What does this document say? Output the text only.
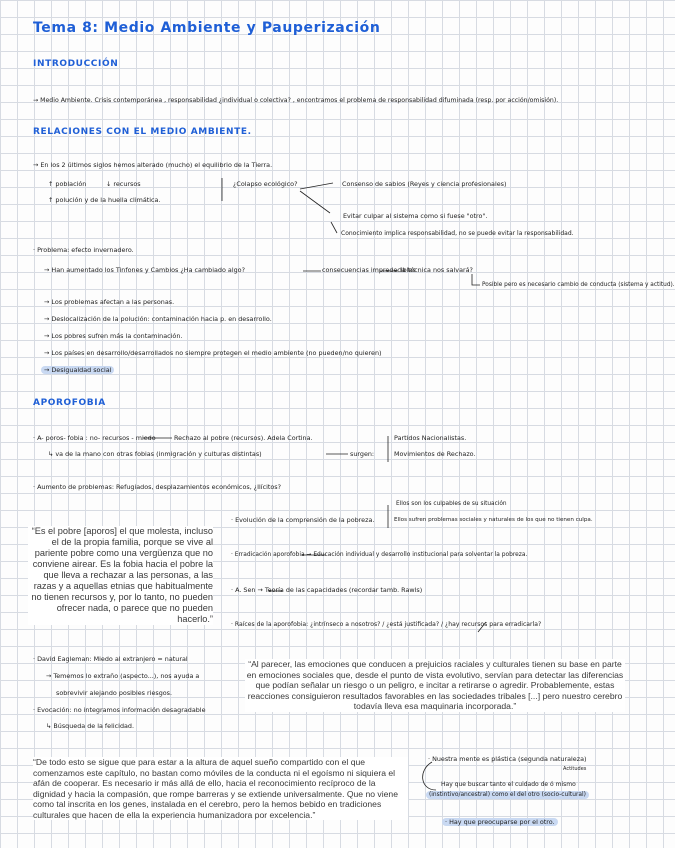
Tema 8: Medio Ambiente y Pauperización
INTRODUCCIÓN
→ Medio Ambiente. Crisis contemporánea , responsabilidad ¿individual o colectiva? , encontramos el problema de responsabilidad difuminada (resp. por acción/omisión).
RELACIONES CON EL MEDIO AMBIENTE.
→ En los 2 últimos siglos hemos alterado (mucho) el equilibrio de la Tierra.
↑ población	↓ recursos
↑ polución y de la huella climática.
¿Colapso ecológico?	Consenso de sabios (Reyes y ciencia profesionales)
Evitar culpar al sistema como si fuese "otro".
Conocimiento implica responsabilidad, no se puede evitar la responsabilidad.
· Problema: efecto invernadero.
→ Han aumentado los Tinfones y Cambios ¿Ha cambiado algo?	consecuencias impredecibles
la técnica nos salvará?
Posible pero es necesario cambio de conducta (sistema y actitud).
→ Los problemas afectan a las personas.
→ Deslocalización de la polución: contaminación hacia p. en desarrollo.
→ Los pobres sufren más la contaminación.
→ Los países en desarrollo/desarrollados no siempre protegen el medio ambiente (no pueden/no quieren)
→ Desigualdad social
APOROFOBIA
· A- poros- fobia : no- recursos - miedo	Rechazo al pobre (recursos). Adela Cortina.
↳ va de la mano con otras fobias (inmigración y culturas distintas)	surgen:
Partidos Nacionalistas.
Movimientos de Rechazo.
· Aumento de problemas: Refugiados, desplazamientos económicos, ¿Ilícitos?
Ellos son los culpables de su situación
Ellos sufren problemas sociales y naturales de los que no tienen culpa.
· Evolución de la comprensión de la pobreza.
· Erradicación aporofobia → Educación individual y desarrollo institucional para solventar la pobreza.
· A. Sen → Teoría de las capacidades (recordar tamb. Rawls)
· Raíces de la aporofobia: ¿intrínseco a nosotros? / ¿está justificada? / ¿hay recursos para erradicarla?
“Es el pobre [aporos] el que molesta, incluso el de la propia familia, porque se vive al pariente pobre como una vergüenza que no conviene airear. Es la fobia hacia el pobre la que lleva a rechazar a las personas, a las razas y a aquellas etnias que habitualmente no tienen recursos y, por lo tanto, no pueden ofrecer nada, o parece que no pueden hacerlo.”
· David Eagleman: Miedo al extranjero = natural
→ Tememos lo extraño (aspecto...), nos ayuda a
sobrevivir alejando posibles riesgos.
· Evocación: no integramos información desagradable
↳ Búsqueda de la felicidad.
“Al parecer, las emociones que conducen a prejuicios raciales y culturales tienen su base en parte en emociones sociales que, desde el punto de vista evolutivo, servían para detectar las diferencias que podían señalar un riesgo o un peligro, e incitar a retirarse o agredir. Probablemente, estas reacciones consiguieron resultados favorables en las sociedades tribales [...] pero nuestro cerebro todavía lleva esa maquinaria incorporada.”
“De todo esto se sigue que para estar a la altura de aquel sueño compartido con el que comenzamos este capítulo, no bastan como móviles de la conducta ni el egoísmo ni siquiera el afán de cooperar. Es necesario ir más allá de ello, hacia el reconocimiento recíproco de la dignidad y hacia la compasión, que rompe barreras y se extiende universalmente. Que no viene como tal inscrita en los genes, instalada en el cerebro, pero la hemos bebido en tradiciones culturales que hacen de ella la experiencia humanizadora por excelencia.”
· Nuestra mente es plástica (segunda naturaleza)
Actitudes
Hay que buscar tanto el cuidado de ó mismo
(instintivo/ancestral) como el del otro (socio-cultural)
· Hay que preocuparse por el otro.
